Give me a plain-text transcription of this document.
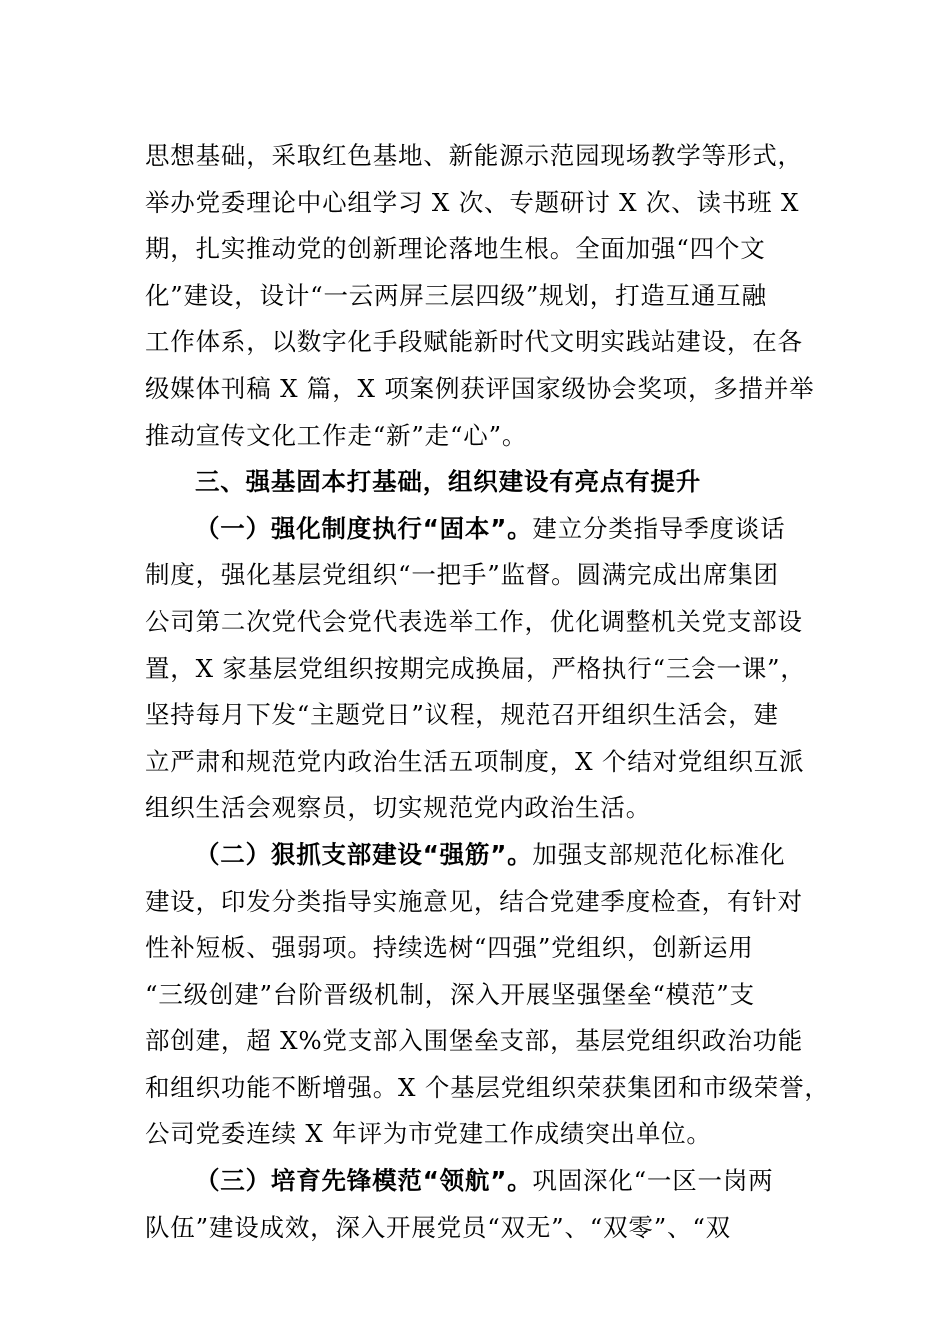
思想基础，采取红色基地、新能源示范园现场教学等形式，
举办党委理论中心组学习 X 次、专题研讨 X 次、读书班 X
期，扎实推动党的创新理论落地生根。全面加强“四个文
化”建设，设计“一云两屏三层四级”规划，打造互通互融
工作体系，以数字化手段赋能新时代文明实践站建设，在各
级媒体刊稿 X 篇，X 项案例获评国家级协会奖项，多措并举
推动宣传文化工作走“新”走“心”。
三、强基固本打基础，组织建设有亮点有提升
（一）强化制度执行“固本”。建立分类指导季度谈话
制度，强化基层党组织“一把手”监督。圆满完成出席集团
公司第二次党代会党代表选举工作，优化调整机关党支部设
置，X 家基层党组织按期完成换届，严格执行“三会一课”，
坚持每月下发“主题党日”议程，规范召开组织生活会，建
立严肃和规范党内政治生活五项制度，X 个结对党组织互派
组织生活会观察员，切实规范党内政治生活。
（二）狠抓支部建设“强筋”。加强支部规范化标准化
建设，印发分类指导实施意见，结合党建季度检查，有针对
性补短板、强弱项。持续选树“四强”党组织，创新运用
“三级创建”台阶晋级机制，深入开展坚强堡垒“模范”支
部创建，超 X%党支部入围堡垒支部，基层党组织政治功能
和组织功能不断增强。X 个基层党组织荣获集团和市级荣誉，
公司党委连续 X 年评为市党建工作成绩突出单位。
（三）培育先锋模范“领航”。巩固深化“一区一岗两
队伍”建设成效，深入开展党员“双无”、“双零”、“双
